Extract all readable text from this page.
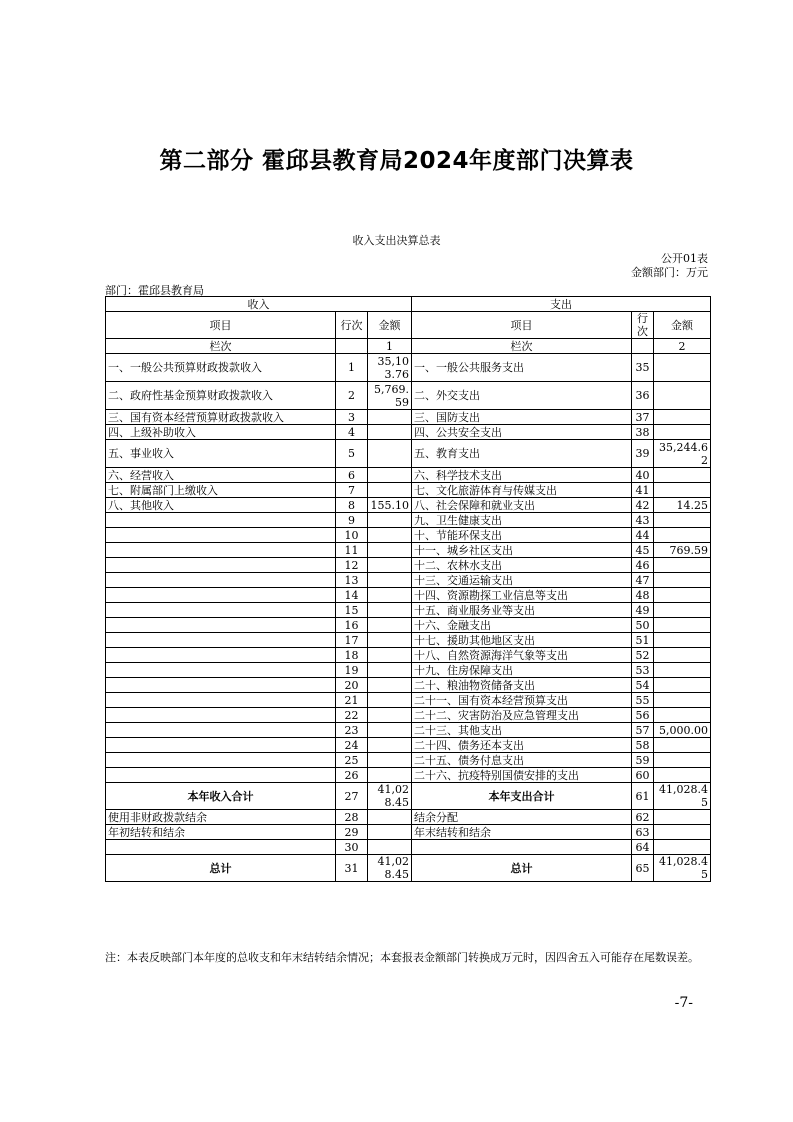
第二部分 霍邱县教育局2024年度部门决算表
收入支出决算总表
公开01表
金额部门：万元
部门：霍邱县教育局
收入			支出		
项目	行次	金额	项目	行次	金额
栏次		1	栏次		2
一、一般公共预算财政拨款收入	1	35,103.76	一、一般公共服务支出	35	
二、政府性基金预算财政拨款收入	2	5,769.59	二、外交支出	36	
三、国有资本经营预算财政拨款收入	3		三、国防支出	37	
四、上级补助收入	4		四、公共安全支出	38	
五、事业收入	5		五、教育支出	39	35,244.62
六、经营收入	6		六、科学技术支出	40	
七、附属部门上缴收入	7		七、文化旅游体育与传媒支出	41	
八、其他收入	8	155.10	八、社会保障和就业支出	42	14.25
	9		九、卫生健康支出	43	
	10		十、节能环保支出	44	
	11		十一、城乡社区支出	45	769.59
	12		十二、农林水支出	46	
	13		十三、交通运输支出	47	
	14		十四、资源勘探工业信息等支出	48	
	15		十五、商业服务业等支出	49	
	16		十六、金融支出	50	
	17		十七、援助其他地区支出	51	
	18		十八、自然资源海洋气象等支出	52	
	19		十九、住房保障支出	53	
	20		二十、粮油物资储备支出	54	
	21		二十一、国有资本经营预算支出	55	
	22		二十二、灾害防治及应急管理支出	56	
	23		二十三、其他支出	57	5,000.00
	24		二十四、债务还本支出	58	
	25		二十五、债务付息支出	59	
	26		二十六、抗疫特别国债安排的支出	60	
本年收入合计	27	41,028.45	本年支出合计	61	41,028.45
使用非财政拨款结余	28		结余分配	62	
年初结转和结余	29		年末结转和结余	63	
	30			64	
总计	31	41,028.45	总计	65	41,028.45
注：本表反映部门本年度的总收支和年末结转结余情况；本套报表金额部门转换成万元时，因四舍五入可能存在尾数误差。
-7-
